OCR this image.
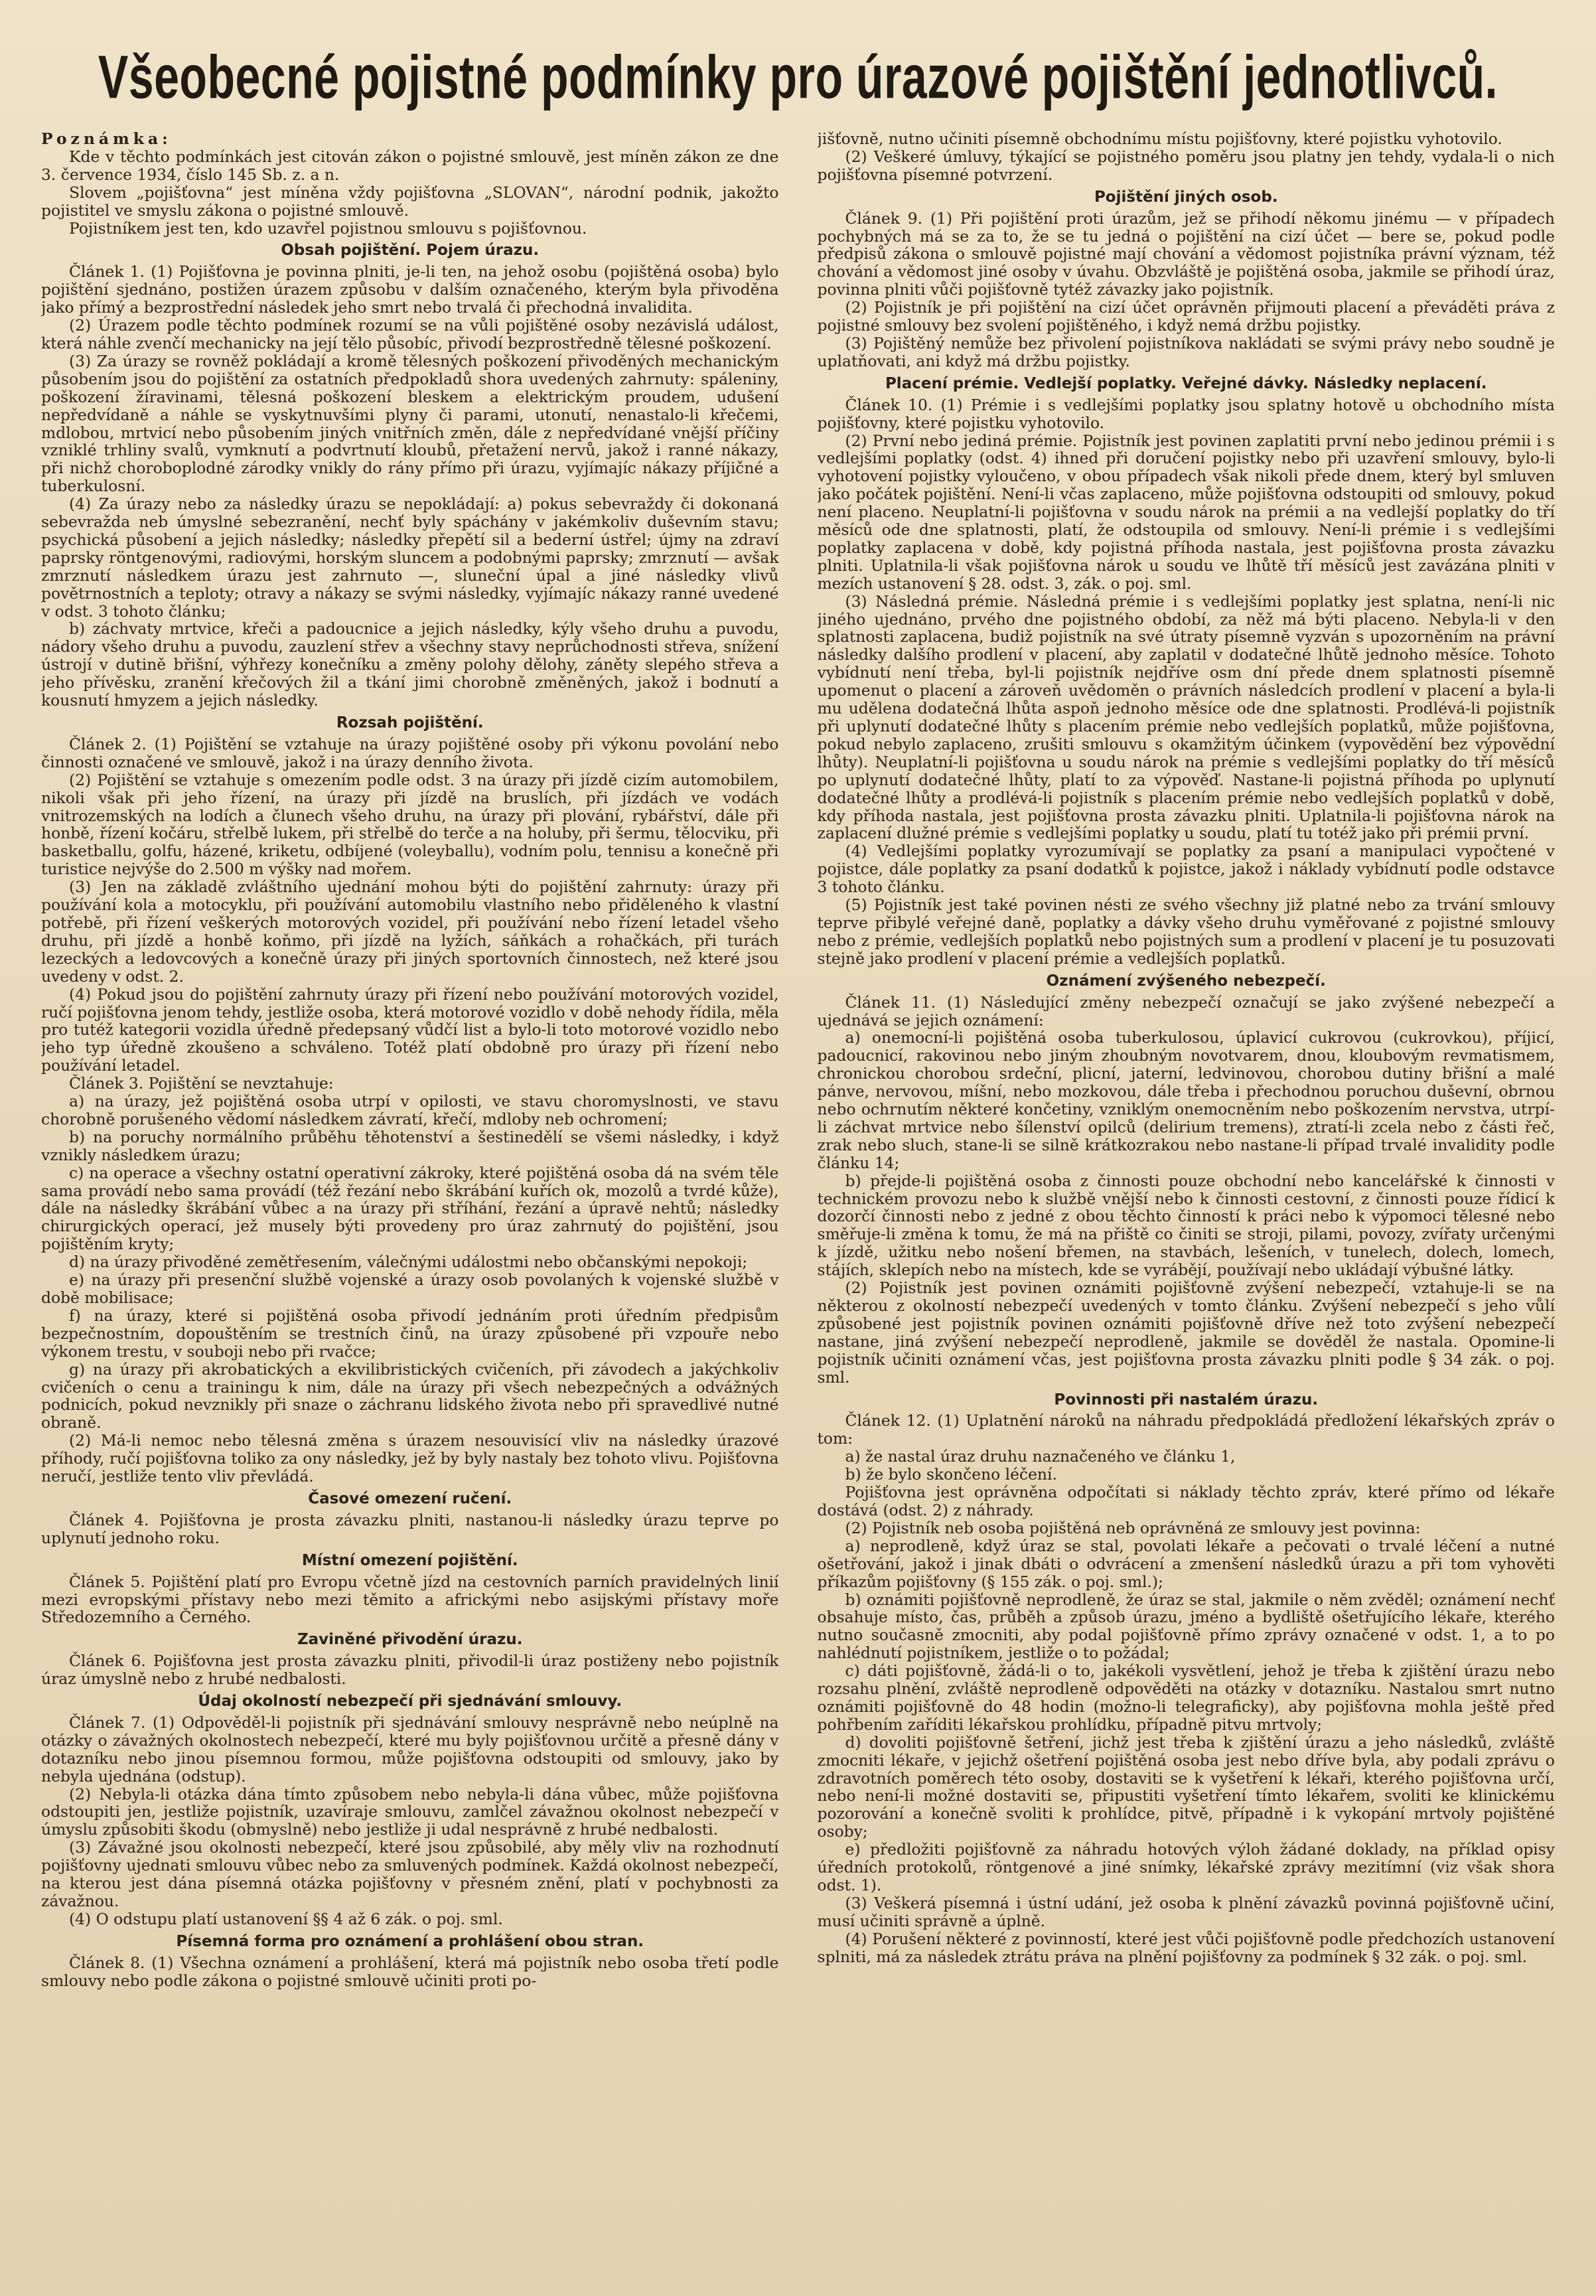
Všeobecné pojistné podmínky pro úrazové pojištění jednotlivců.

Poznámka:

Kde v těchto podmínkách jest citován zákon o pojistné smlouvě, jest míněn zákon ze dne 3. července 1934, číslo 145 Sb. z. a n.

Slovem „pojišťovna“ jest míněna vždy pojišťovna „SLOVAN“, národní podnik, jakožto pojistitel ve smyslu zákona o pojistné smlouvě.

Pojistníkem jest ten, kdo uzavřel pojistnou smlouvu s pojišťovnou.

Obsah pojištění. Pojem úrazu.

Článek 1. (1) Pojišťovna je povinna plniti, je-li ten, na jehož osobu (pojištěná osoba) bylo pojištění sjednáno, postižen úrazem způsobu v dalším označeného, kterým byla přivoděna jako přímý a bezprostřední následek jeho smrt nebo trvalá či přechodná invalidita.

(2) Úrazem podle těchto podmínek rozumí se na vůli pojištěné osoby nezávislá událost, která náhle zvenčí mechanicky na její tělo působíc, přivodí bezprostředně tělesné poškození.

(3) Za úrazy se rovněž pokládají a kromě tělesných poškození přivoděných mechanickým působením jsou do pojištění za ostatních předpokladů shora uvedených zahrnuty: spáleniny, poškození žíravinami, tělesná poškození bleskem a elektrickým proudem, udušení nepředvídaně a náhle se vyskytnuvšími plyny či parami, utonutí, nenastalo-li křečemi, mdlobou, mrtvicí nebo působením jiných vnitřních změn, dále z nepředvídané vnější příčiny vzniklé trhliny svalů, vymknutí a podvrtnutí kloubů, přetažení nervů, jakož i ranné nákazy, při nichž choroboplodné zárodky vnikly do rány přímo při úrazu, vyjímajíc nákazy příjičné a tuberkulosní.

(4) Za úrazy nebo za následky úrazu se nepokládají: a) pokus sebevraždy či dokonaná sebevražda neb úmyslné sebezranění, nechť byly spáchány v jakémkoliv duševním stavu; psychická působení a jejich následky; následky přepětí sil a bederní ústřel; újmy na zdraví paprsky röntgenovými, radiovými, horským sluncem a podobnými paprsky; zmrznutí — avšak zmrznutí následkem úrazu jest zahrnuto —, sluneční úpal a jiné následky vlivů povětrnostních a teploty; otravy a nákazy se svými následky, vyjímajíc nákazy ranné uvedené v odst. 3 tohoto článku;

b) záchvaty mrtvice, křeči a padoucnice a jejich následky, kýly všeho druhu a puvodu, nádory všeho druhu a puvodu, zauzlení střev a všechny stavy neprůchodnosti střeva, snížení ústrojí v dutině břišní, výhřezy konečníku a změny polohy dělohy, záněty slepého střeva a jeho přívěsku, zranění křečových žil a tkání jimi chorobně změněných, jakož i bodnutí a kousnutí hmyzem a jejich následky.

Rozsah pojištění.

Článek 2. (1) Pojištění se vztahuje na úrazy pojištěné osoby při výkonu povolání nebo činnosti označené ve smlouvě, jakož i na úrazy denního života.

(2) Pojištění se vztahuje s omezením podle odst. 3 na úrazy při jízdě cizím automobilem, nikoli však při jeho řízení, na úrazy při jízdě na bruslích, při jízdách ve vodách vnitrozemských na lodích a člunech všeho druhu, na úrazy při plování, rybářství, dále při honbě, řízení kočáru, střelbě lukem, při střelbě do terče a na holuby, při šermu, tělocviku, při basketballu, golfu, házené, kriketu, odbíjené (voleyballu), vodním polu, tennisu a konečně při turistice nejvýše do 2.500 m výšky nad mořem.

(3) Jen na základě zvláštního ujednání mohou býti do pojištění zahrnuty: úrazy při používání kola a motocyklu, při používání automobilu vlastního nebo přiděleného k vlastní potřebě, při řízení veškerých motorových vozidel, při používání nebo řízení letadel všeho druhu, při jízdě a honbě koňmo, při jízdě na lyžích, sáňkách a rohačkách, při turách lezeckých a ledovcových a konečně úrazy při jiných sportovních činnostech, než které jsou uvedeny v odst. 2.

(4) Pokud jsou do pojištění zahrnuty úrazy při řízení nebo používání motorových vozidel, ručí pojišťovna jenom tehdy, jestliže osoba, která motorové vozidlo v době nehody řídila, měla pro tutéž kategorii vozidla úředně předepsaný vůdčí list a bylo-li toto motorové vozidlo nebo jeho typ úředně zkoušeno a schváleno. Totéž platí obdobně pro úrazy při řízení nebo používání letadel.

Článek 3. Pojištění se nevztahuje:

a) na úrazy, jež pojištěná osoba utrpí v opilosti, ve stavu choromyslnosti, ve stavu chorobně porušeného vědomí následkem závratí, křečí, mdloby neb ochromení;

b) na poruchy normálního průběhu těhotenství a šestinedělí se všemi následky, i když vznikly následkem úrazu;

c) na operace a všechny ostatní operativní zákroky, které pojištěná osoba dá na svém těle sama provádí nebo sama provádí (též řezání nebo škrábání kuřích ok, mozolů a tvrdé kůže), dále na následky škrábání vůbec a na úrazy při stříhání, řezání a úpravě nehtů; následky chirurgických operací, jež musely býti provedeny pro úraz zahrnutý do pojištění, jsou pojištěním kryty;

d) na úrazy přivoděné zemětřesením, válečnými událostmi nebo občanskými nepokoji;

e) na úrazy při presenční službě vojenské a úrazy osob povolaných k vojenské službě v době mobilisace;

f) na úrazy, které si pojištěná osoba přivodí jednáním proti úředním předpisům bezpečnostním, dopouštěním se trestních činů, na úrazy způsobené při vzpouře nebo výkonem trestu, v souboji nebo při rvačce;

g) na úrazy při akrobatických a ekvilibristických cvičeních, při závodech a jakýchkoliv cvičeních o cenu a trainingu k nim, dále na úrazy při všech nebezpečných a odvážných podnicích, pokud nevznikly při snaze o záchranu lidského života nebo při spravedlivé nutné obraně.

(2) Má-li nemoc nebo tělesná změna s úrazem nesouvisící vliv na následky úrazové příhody, ručí pojišťovna toliko za ony následky, jež by byly nastaly bez tohoto vlivu. Pojišťovna neručí, jestliže tento vliv převládá.

Časové omezení ručení.

Článek 4. Pojišťovna je prosta závazku plniti, nastanou-li následky úrazu teprve po uplynutí jednoho roku.

Místní omezení pojištění.

Článek 5. Pojištění platí pro Evropu včetně jízd na cestovních parních pravidelných linií mezi evropskými přístavy nebo mezi těmito a africkými nebo asijskými přístavy moře Středozemního a Černého.

Zaviněné přivodění úrazu.

Článek 6. Pojišťovna jest prosta závazku plniti, přivodil-li úraz postiženy nebo pojistník úraz úmyslně nebo z hrubé nedbalosti.

Údaj okolností nebezpečí při sjednávání smlouvy.

Článek 7. (1) Odpověděl-li pojistník při sjednávání smlouvy nesprávně nebo neúplně na otázky o závažných okolnostech nebezpečí, které mu byly pojišťovnou určitě a přesně dány v dotazníku nebo jinou písemnou formou, může pojišťovna odstoupiti od smlouvy, jako by nebyla ujednána (odstup).

(2) Nebyla-li otázka dána tímto způsobem nebo nebyla-li dána vůbec, může pojišťovna odstoupiti jen, jestliže pojistník, uzavíraje smlouvu, zamlčel závažnou okolnost nebezpečí v úmyslu způsobiti škodu (obmyslně) nebo jestliže ji udal nesprávně z hrubé nedbalosti.

(3) Závažné jsou okolnosti nebezpečí, které jsou způsobilé, aby měly vliv na rozhodnutí pojišťovny ujednati smlouvu vůbec nebo za smluvených podmínek. Každá okolnost nebezpečí, na kterou jest dána písemná otázka pojišťovny v přesném znění, platí v pochybnosti za závažnou.

(4) O odstupu platí ustanovení §§ 4 až 6 zák. o poj. sml.

Písemná forma pro oznámení a prohlášení obou stran.

Článek 8. (1) Všechna oznámení a prohlášení, která má pojistník nebo osoba třetí podle smlouvy nebo podle zákona o pojistné smlouvě učiniti proti po-

jišťovně, nutno učiniti písemně obchodnímu místu pojišťovny, které pojistku vyhotovilo.

(2) Veškeré úmluvy, týkající se pojistného poměru jsou platny jen tehdy, vydala-li o nich pojišťovna písemné potvrzení.

Pojištění jiných osob.

Článek 9. (1) Při pojištění proti úrazům, jež se přihodí někomu jinému — v případech pochybných má se za to, že se tu jedná o pojištění na cizí účet — bere se, pokud podle předpisů zákona o smlouvě pojistné mají chování a vědomost pojistníka právní význam, též chování a vědomost jiné osoby v úvahu. Obzvláště je pojištěná osoba, jakmile se přihodí úraz, povinna plniti vůči pojišťovně tytéž závazky jako pojistník.

(2) Pojistník je při pojištění na cizí účet oprávněn přijmouti placení a převáděti práva z pojistné smlouvy bez svolení pojištěného, i když nemá držbu pojistky.

(3) Pojištěný nemůže bez přivolení pojistníkova nakládati se svými právy nebo soudně je uplatňovati, ani když má držbu pojistky.

Placení prémie. Vedlejší poplatky. Veřejné dávky. Následky neplacení.

Článek 10. (1) Prémie i s vedlejšími poplatky jsou splatny hotově u obchodního místa pojišťovny, které pojistku vyhotovilo.

(2) První nebo jediná prémie. Pojistník jest povinen zaplatiti první nebo jedinou prémii i s vedlejšími poplatky (odst. 4) ihned při doručení pojistky nebo při uzavření smlouvy, bylo-li vyhotovení pojistky vyloučeno, v obou případech však nikoli přede dnem, který byl smluven jako počátek pojištění. Není-li včas zaplaceno, může pojišťovna odstoupiti od smlouvy, pokud není placeno. Neuplatní-li pojišťovna v soudu nárok na prémii a na vedlejší poplatky do tří měsíců ode dne splatnosti, platí, že odstoupila od smlouvy. Není-li prémie i s vedlejšími poplatky zaplacena v době, kdy pojistná příhoda nastala, jest pojišťovna prosta závazku plniti. Uplatnila-li však pojišťovna nárok u soudu ve lhůtě tří měsíců jest zavázána plniti v mezích ustanovení § 28. odst. 3, zák. o poj. sml.

(3) Následná prémie. Následná prémie i s vedlejšími poplatky jest splatna, není-li nic jiného ujednáno, prvého dne pojistného období, za něž má býti placeno. Nebyla-li v den splatnosti zaplacena, budiž pojistník na své útraty písemně vyzván s upozorněním na právní následky dalšího prodlení v placení, aby zaplatil v dodatečné lhůtě jednoho měsíce. Tohoto vybídnutí není třeba, byl-li pojistník nejdříve osm dní přede dnem splatnosti písemně upomenut o placení a zároveň uvědoměn o právních následcích prodlení v placení a byla-li mu udělena dodatečná lhůta aspoň jednoho měsíce ode dne splatnosti. Prodlévá-li pojistník při uplynutí dodatečné lhůty s placením prémie nebo vedlejších poplatků, může pojišťovna, pokud nebylo zaplaceno, zrušiti smlouvu s okamžitým účinkem (vypovědění bez výpovědní lhůty). Neuplatní-li pojišťovna u soudu nárok na prémie s vedlejšími poplatky do tří měsíců po uplynutí dodatečné lhůty, platí to za výpověď. Nastane-li pojistná příhoda po uplynutí dodatečné lhůty a prodlévá-li pojistník s placením prémie nebo vedlejších poplatků v době, kdy příhoda nastala, jest pojišťovna prosta závazku plniti. Uplatnila-li pojišťovna nárok na zaplacení dlužné prémie s vedlejšími poplatky u soudu, platí tu totéž jako při prémii první.

(4) Vedlejšími poplatky vyrozumívají se poplatky za psaní a manipulaci vypočtené v pojistce, dále poplatky za psaní dodatků k pojistce, jakož i náklady vybídnutí podle odstavce 3 tohoto článku.

(5) Pojistník jest také povinen nésti ze svého všechny již platné nebo za trvání smlouvy teprve přibylé veřejné daně, poplatky a dávky všeho druhu vyměřované z pojistné smlouvy nebo z prémie, vedlejších poplatků nebo pojistných sum a prodlení v placení je tu posuzovati stejně jako prodlení v placení prémie a vedlejších poplatků.

Oznámení zvýšeného nebezpečí.

Článek 11. (1) Následující změny nebezpečí označují se jako zvýšené nebezpečí a ujednává se jejich oznámení:

a) onemocní-li pojištěná osoba tuberkulosou, úplavicí cukrovou (cukrovkou), příjicí, padoucnicí, rakovinou nebo jiným zhoubným novotvarem, dnou, kloubovým revmatismem, chronickou chorobou srdeční, plicní, jaterní, ledvinovou, chorobou dutiny břišní a malé pánve, nervovou, míšní, nebo mozkovou, dále třeba i přechodnou poruchou duševní, obrnou nebo ochrnutím některé končetiny, vzniklým onemocněním nebo poškozením nervstva, utrpí-li záchvat mrtvice nebo šílenství opilců (delirium tremens), ztratí-li zcela nebo z části řeč, zrak nebo sluch, stane-li se silně krátkozrakou nebo nastane-li případ trvalé invalidity podle článku 14;

b) přejde-li pojištěná osoba z činnosti pouze obchodní nebo kancelářské k činnosti v technickém provozu nebo k službě vnější nebo k činnosti cestovní, z činnosti pouze řídicí k dozorčí činnosti nebo z jedné z obou těchto činností k práci nebo k výpomoci tělesné nebo směřuje-li změna k tomu, že má na přiště co činiti se stroji, pilami, povozy, zvířaty určenými k jízdě, užitku nebo nošení břemen, na stavbách, lešeních, v tunelech, dolech, lomech, stájích, sklepích nebo na místech, kde se vyrábějí, používají nebo ukládají výbušné látky.

(2) Pojistník jest povinen oznámiti pojišťovně zvýšení nebezpečí, vztahuje-li se na některou z okolností nebezpečí uvedených v tomto článku. Zvýšení nebezpečí s jeho vůlí způsobené jest pojistník povinen oznámiti pojišťovně dříve než toto zvýšení nebezpečí nastane, jiná zvýšení nebezpečí neprodleně, jakmile se dověděl že nastala. Opomine-li pojistník učiniti oznámení včas, jest pojišťovna prosta závazku plniti podle § 34 zák. o poj. sml.

Povinnosti při nastalém úrazu.

Článek 12. (1) Uplatnění nároků na náhradu předpokládá předložení lékařských zpráv o tom:

a) že nastal úraz druhu naznačeného ve článku 1,

b) že bylo skončeno léčení.

Pojišťovna jest oprávněna odpočítati si náklady těchto zpráv, které přímo od lékaře dostává (odst. 2) z náhrady.

(2) Pojistník neb osoba pojištěná neb oprávněná ze smlouvy jest povinna:

a) neprodleně, když úraz se stal, povolati lékaře a pečovati o trvalé léčení a nutné ošetřování, jakož i jinak dbáti o odvrácení a zmenšení následků úrazu a při tom vyhověti příkazům pojišťovny (§ 155 zák. o poj. sml.);

b) oznámiti pojišťovně neprodleně, že úraz se stal, jakmile o něm zvěděl; oznámení nechť obsahuje místo, čas, průběh a způsob úrazu, jméno a bydliště ošetřujícího lékaře, kterého nutno současně zmocniti, aby podal pojišťovně přímo zprávy označené v odst. 1, a to po nahlédnutí pojistníkem, jestliže o to požádal;

c) dáti pojišťovně, žádá-li o to, jakékoli vysvětlení, jehož je třeba k zjištění úrazu nebo rozsahu plnění, zvláště neprodleně odpověděti na otázky v dotazníku. Nastalou smrt nutno oznámiti pojišťovně do 48 hodin (možno-li telegraficky), aby pojišťovna mohla ještě před pohřbením zaříditi lékařskou prohlídku, případně pitvu mrtvoly;

d) dovoliti pojišťovně šetření, jichž jest třeba k zjištění úrazu a jeho následků, zvláště zmocniti lékaře, v jejichž ošetření pojištěná osoba jest nebo dříve byla, aby podali zprávu o zdravotních poměrech této osoby, dostaviti se k vyšetření k lékaři, kterého pojišťovna určí, nebo není-li možné dostaviti se, připustiti vyšetření tímto lékařem, svoliti ke klinickému pozorování a konečně svoliti k prohlídce, pitvě, případně i k vykopání mrtvoly pojištěné osoby;

e) předložiti pojišťovně za náhradu hotových výloh žádané doklady, na příklad opisy úředních protokolů, röntgenové a jiné snímky, lékařské zprávy mezitímní (viz však shora odst. 1).

(3) Veškerá písemná i ústní udání, jež osoba k plnění závazků povinná pojišťovně učiní, musí učiniti správně a úplně.

(4) Porušení některé z povinností, které jest vůči pojišťovně podle předchozích ustanovení splniti, má za následek ztrátu práva na plnění pojišťovny za podmínek § 32 zák. o poj. sml.
